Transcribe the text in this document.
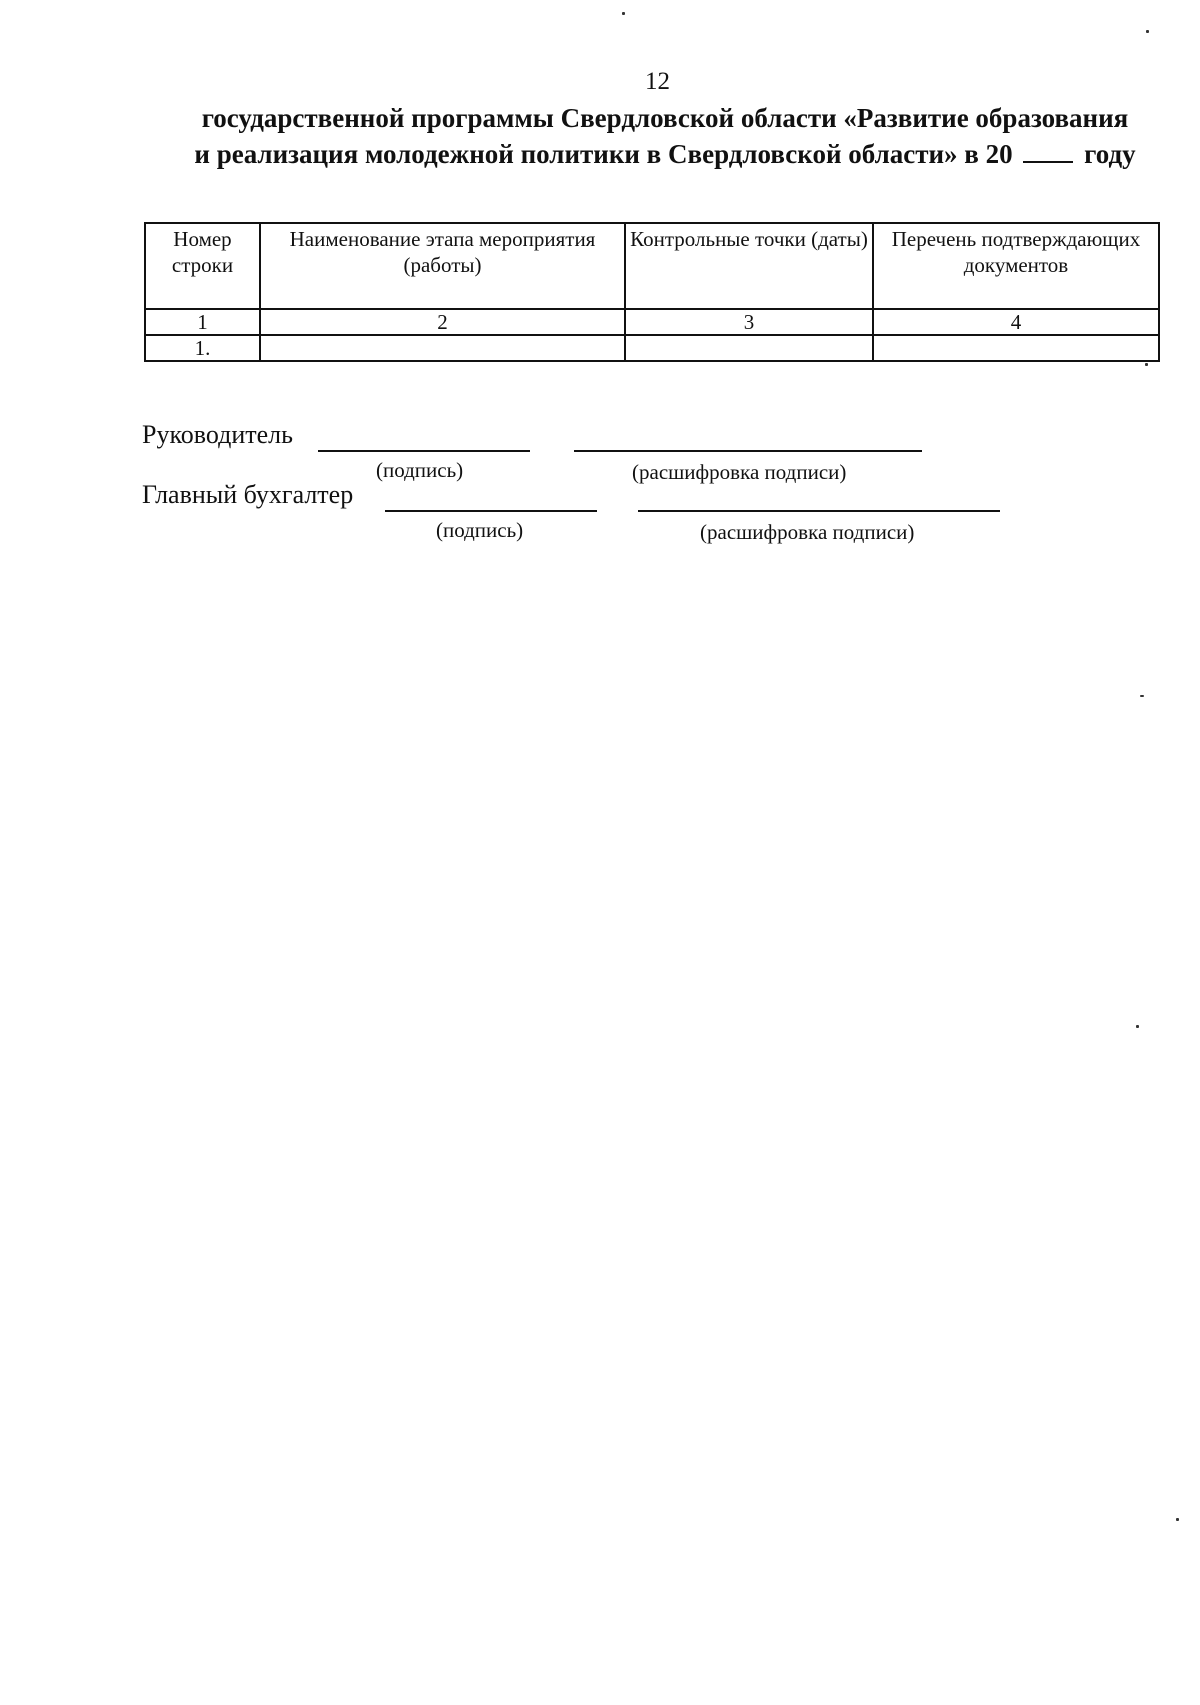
12
государственной программы Свердловской области «Развитие образования
и реализация молодежной политики в Свердловской области» в 20	году
Номер строки	Наименование этапа мероприятия (работы)	Контрольные точки (даты)	Перечень подтверждающих документов
1	2	3	4
1.			
Руководитель
(подпись)	(расшифровка подписи)
Главный бухгалтер
(подпись)	(расшифровка подписи)
